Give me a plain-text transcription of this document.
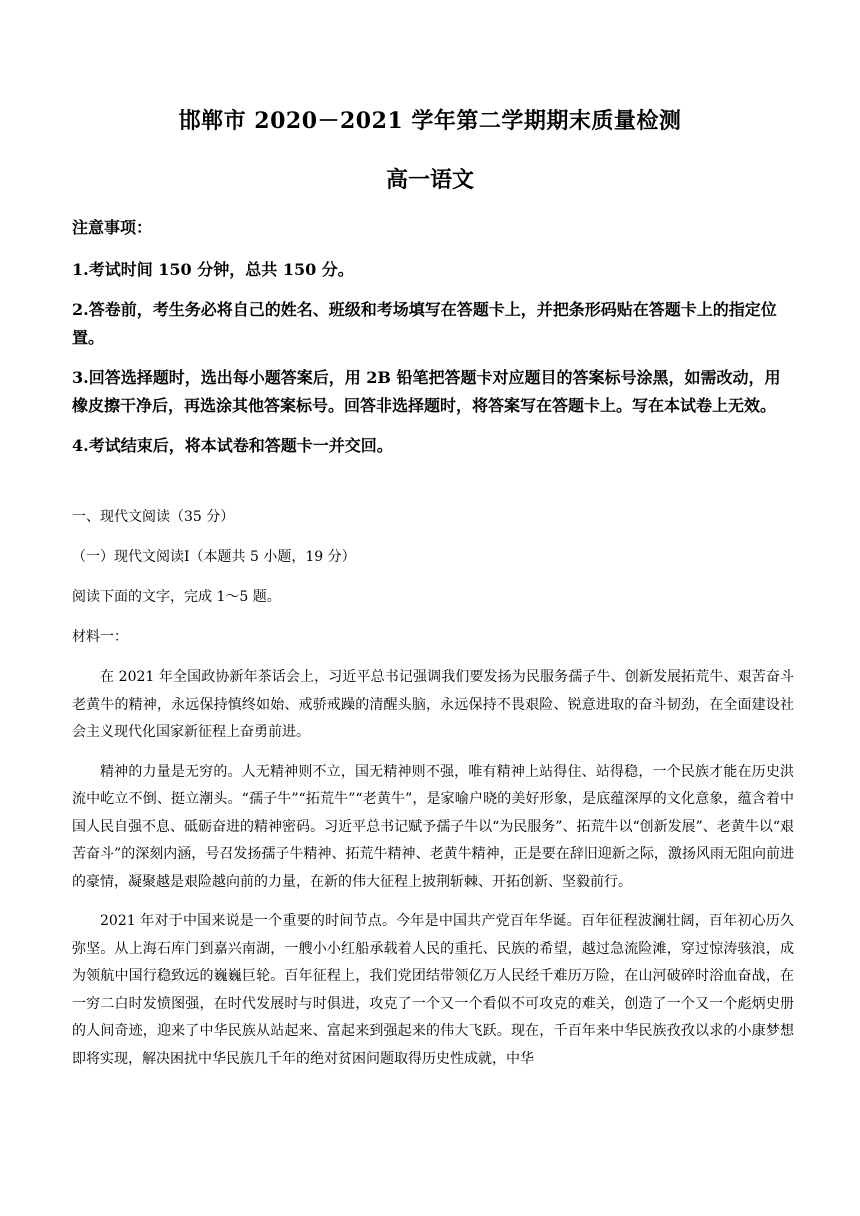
邯郸市 2020－2021 学年第二学期期末质量检测
高一语文
注意事项：
1.考试时间 150 分钟，总共 150 分。
2.答卷前，考生务必将自己的姓名、班级和考场填写在答题卡上，并把条形码贴在答题卡上的指定位置。
3.回答选择题时，选出每小题答案后，用 2B 铅笔把答题卡对应题目的答案标号涂黑，如需改动，用橡皮擦干净后，再选涂其他答案标号。回答非选择题时，将答案写在答题卡上。写在本试卷上无效。
4.考试结束后，将本试卷和答题卡一并交回。
一、现代文阅读（35 分）
（一）现代文阅读Ⅰ（本题共 5 小题，19 分）
阅读下面的文字，完成 1～5 题。
材料一：
在 2021 年全国政协新年茶话会上，习近平总书记强调我们要发扬为民服务孺子牛、创新发展拓荒牛、艰苦奋斗老黄牛的精神，永远保持慎终如始、戒骄戒躁的清醒头脑，永远保持不畏艰险、锐意进取的奋斗韧劲，在全面建设社会主义现代化国家新征程上奋勇前进。
精神的力量是无穷的。人无精神则不立，国无精神则不强，唯有精神上站得住、站得稳，一个民族才能在历史洪流中屹立不倒、挺立潮头。“孺子牛”“拓荒牛”“老黄牛”，是家喻户晓的美好形象，是底蕴深厚的文化意象，蕴含着中国人民自强不息、砥砺奋进的精神密码。习近平总书记赋予孺子牛以“为民服务”、拓荒牛以“创新发展”、老黄牛以“艰苦奋斗”的深刻内涵，号召发扬孺子牛精神、拓荒牛精神、老黄牛精神，正是要在辞旧迎新之际，激扬风雨无阻向前进的豪情，凝聚越是艰险越向前的力量，在新的伟大征程上披荆斩棘、开拓创新、坚毅前行。
2021 年对于中国来说是一个重要的时间节点。今年是中国共产党百年华诞。百年征程波澜壮阔，百年初心历久弥坚。从上海石库门到嘉兴南湖，一艘小小红船承载着人民的重托、民族的希望，越过急流险滩，穿过惊涛骇浪，成为领航中国行稳致远的巍巍巨轮。百年征程上，我们党团结带领亿万人民经千难历万险，在山河破碎时浴血奋战，在一穷二白时发愤图强，在时代发展时与时俱进，攻克了一个又一个看似不可攻克的难关，创造了一个又一个彪炳史册的人间奇迹，迎来了中华民族从站起来、富起来到强起来的伟大飞跃。现在，千百年来中华民族孜孜以求的小康梦想即将实现，解决困扰中华民族几千年的绝对贫困问题取得历史性成就，中华
